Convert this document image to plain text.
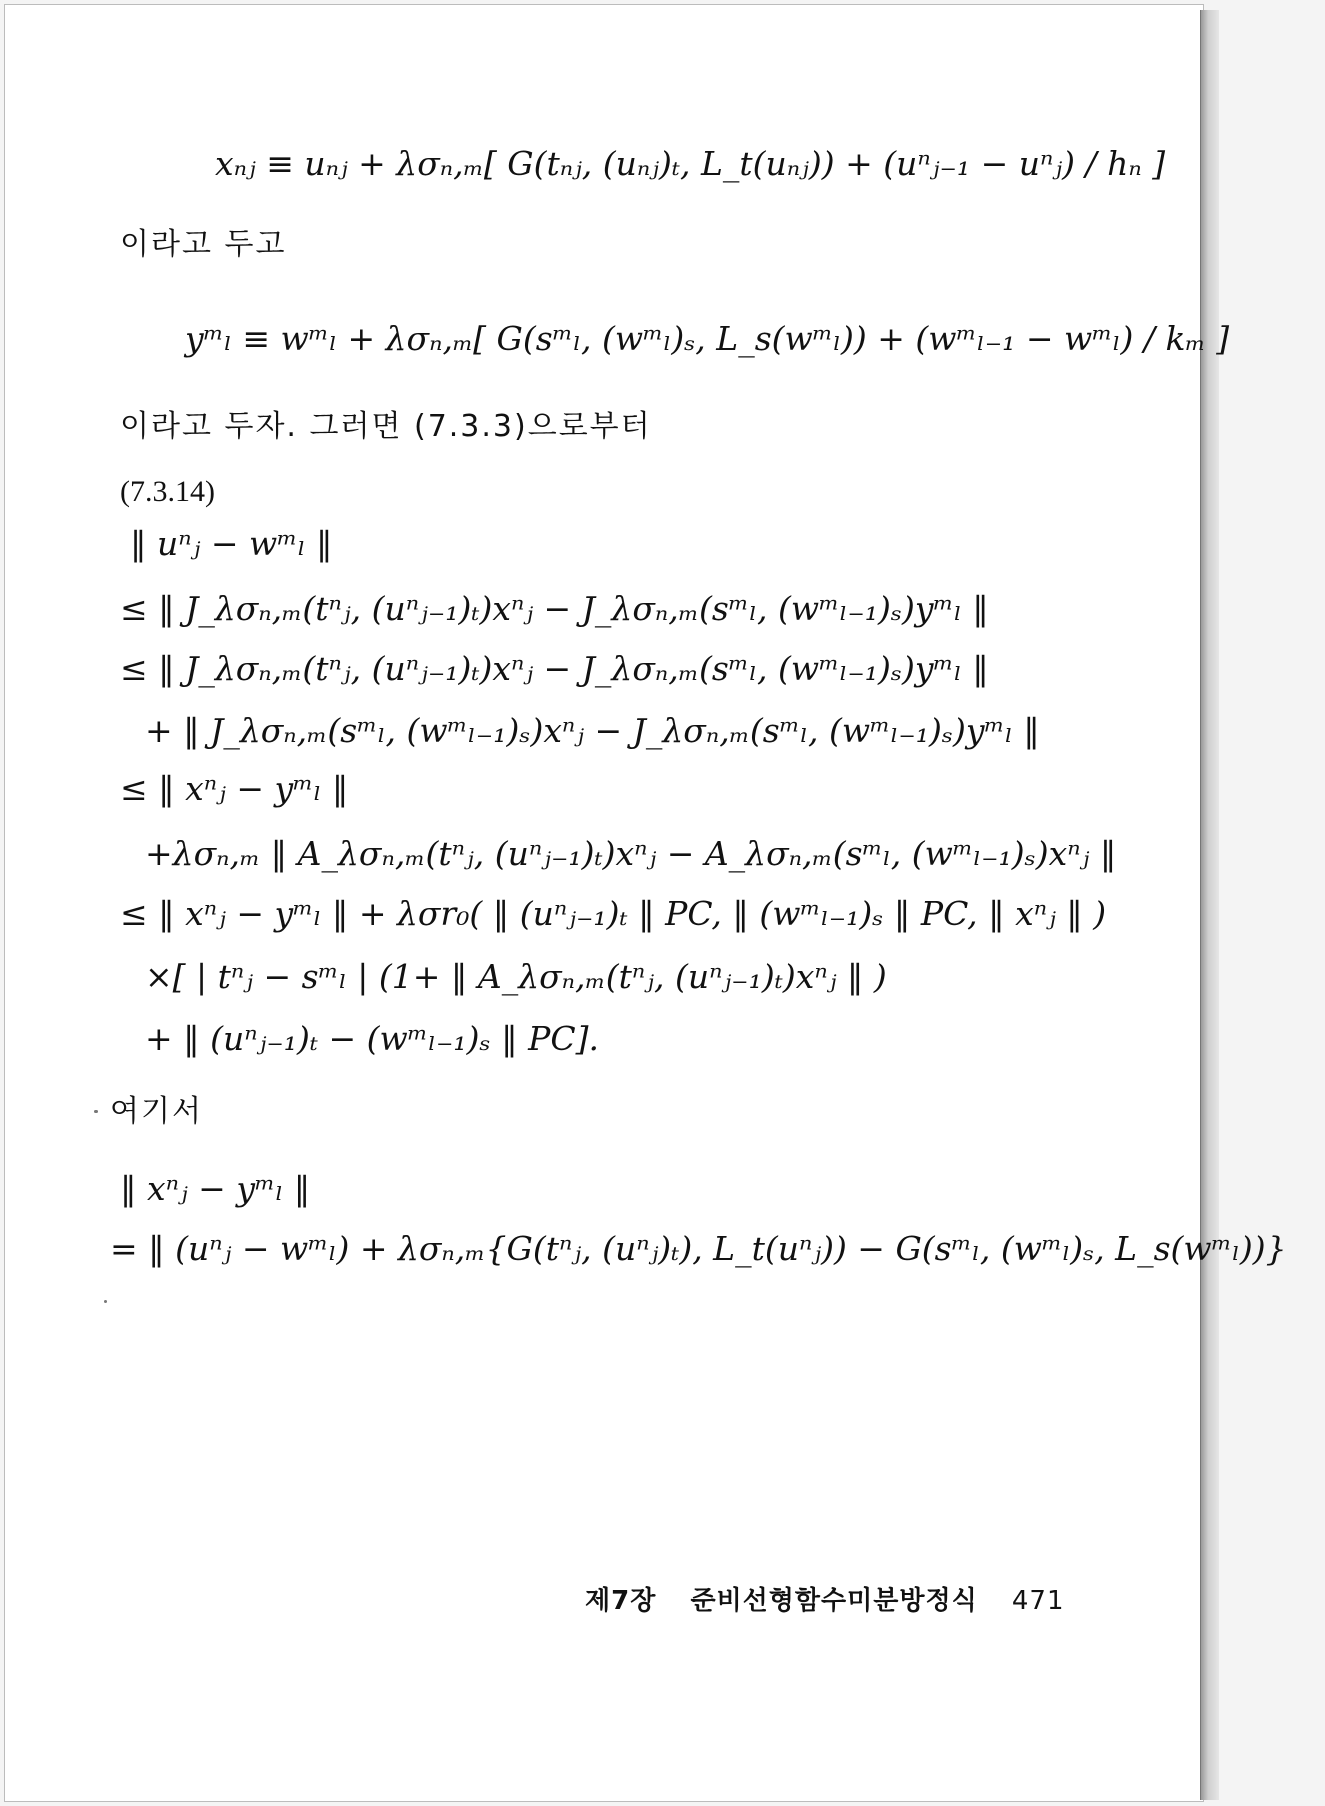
xₙⱼ ≡ uₙⱼ + λσₙ,ₘ[ G(tₙⱼ, (uₙⱼ)ₜ, L_t(uₙⱼ)) + (uⁿⱼ₋₁ − uⁿⱼ) / hₙ ]
이라고 두고
yᵐₗ ≡ wᵐₗ + λσₙ,ₘ[ G(sᵐₗ, (wᵐₗ)ₛ, L_s(wᵐₗ)) + (wᵐₗ₋₁ − wᵐₗ) / kₘ ]
이라고 두자. 그러면 (7.3.3)으로부터
(7.3.14)
‖ uⁿⱼ − wᵐₗ ‖
≤ ‖ J_λσₙ,ₘ(tⁿⱼ, (uⁿⱼ₋₁)ₜ)xⁿⱼ − J_λσₙ,ₘ(sᵐₗ, (wᵐₗ₋₁)ₛ)yᵐₗ ‖
≤ ‖ J_λσₙ,ₘ(tⁿⱼ, (uⁿⱼ₋₁)ₜ)xⁿⱼ − J_λσₙ,ₘ(sᵐₗ, (wᵐₗ₋₁)ₛ)yᵐₗ ‖
+ ‖ J_λσₙ,ₘ(sᵐₗ, (wᵐₗ₋₁)ₛ)xⁿⱼ − J_λσₙ,ₘ(sᵐₗ, (wᵐₗ₋₁)ₛ)yᵐₗ ‖
≤ ‖ xⁿⱼ − yᵐₗ ‖
+λσₙ,ₘ ‖ A_λσₙ,ₘ(tⁿⱼ, (uⁿⱼ₋₁)ₜ)xⁿⱼ − A_λσₙ,ₘ(sᵐₗ, (wᵐₗ₋₁)ₛ)xⁿⱼ ‖
≤ ‖ xⁿⱼ − yᵐₗ ‖ + λσr₀( ‖ (uⁿⱼ₋₁)ₜ ‖ PC, ‖ (wᵐₗ₋₁)ₛ ‖ PC, ‖ xⁿⱼ ‖ )
×[ | tⁿⱼ − sᵐₗ | (1+ ‖ A_λσₙ,ₘ(tⁿⱼ, (uⁿⱼ₋₁)ₜ)xⁿⱼ ‖ )
+ ‖ (uⁿⱼ₋₁)ₜ − (wᵐₗ₋₁)ₛ ‖ PC].
여기서
‖ xⁿⱼ − yᵐₗ ‖
= ‖ (uⁿⱼ − wᵐₗ) + λσₙ,ₘ{G(tⁿⱼ, (uⁿⱼ)ₜ), L_t(uⁿⱼ)) − G(sᵐₗ, (wᵐₗ)ₛ, L_s(wᵐₗ))}
제7장 준비선형함수미분방정식 471
